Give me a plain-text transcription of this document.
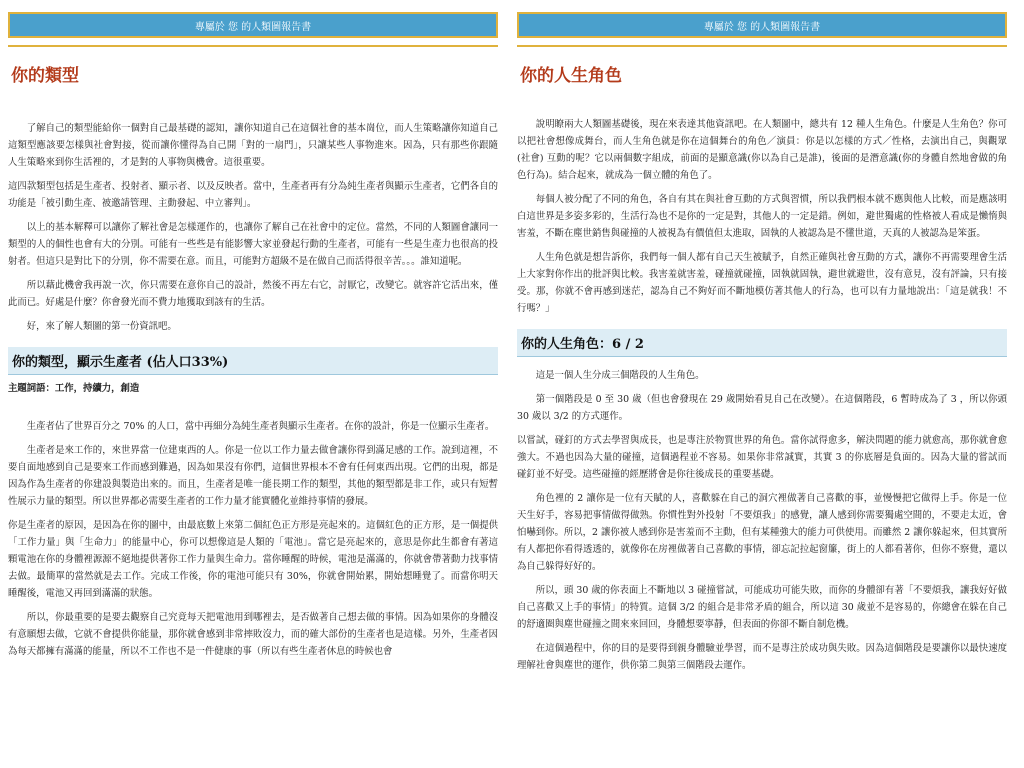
專屬於 您 的人類圖報告書
你的類型

了解自己的類型能給你一個對自己最基礎的認知，讓你知道自己在這個社會的基本崗位，而人生策略讓你知道自己這類型應該要怎樣與社會對接，從而讓你懂得為自己開「對的一扇門」，只讓某些人事物進來。因為，只有那些你跟隨人生策略來到你生活裡的，才是對的人事物與機會。這很重要。

這四款類型包括是生產者、投射者、顯示者、以及反映者。當中，生產者再有分為純生產者與顯示生產者，它們各自的功能是「被引動生產、被邀請管理、主動發起、中立審判」。

以上的基本解釋可以讓你了解社會是怎樣運作的，也讓你了解自己在社會中的定位。當然，不同的人類圖會讓同一類型的人的個性也會有大的分別。可能有一些些是有能影響大家並發起行動的生產者，可能有一些是生產力也很高的投射者。但這只是對比下的分別，你不需要在意。而且，可能對方超級不是在做自己而活得很辛苦。。。誰知道呢。

所以藉此機會我再說一次，你只需要在意你自己的設計，然後不再左右它，討厭它，改變它。就容許它活出來，僅此而已。好處是什麼？你會發光而不費力地獲取到該有的生活。

好，來了解人類圖的第一份資訊吧。

你的類型，顯示生產者 (佔人口33%)

主題詞語：工作，持續力，創造

生產者佔了世界百分之 70% 的人口，當中再細分為純生產者與顯示生產者。在你的設計，你是一位顯示生產者。

生產者是來工作的，來世界當一位建東西的人。你是一位以工作力量去做會讓你得到滿足感的工作。說到這裡，不要自面地感到自己是要來工作而感到難過，因為如果沒有你們，這個世界根本不會有任何東西出現。它們的出現，都是因為作為生產者的你建設與製造出來的。而且，生產者是唯一能長期工作的類型，其他的類型都是非工作，或只有短暫性展示力量的類型。所以世界都必需要生產者的工作力量才能實體化並維持事情的發展。

你是生產者的原因，是因為在你的圖中，由最底數上來第二個紅色正方形是亮起來的。這個紅色的正方形，是一個提供「工作力量」與「生命力」的能量中心，你可以想像這是人類的「電池」。當它是亮起來的，意思是你此生都會有著這顆電池在你的身體裡源源不絕地提供著你工作力量與生命力。當你睡醒的時候，電池是滿滿的，你就會帶著動力找事情去做。最簡單的當然就是去工作。完成工作後，你的電池可能只有 30%，你就會開始累，開始想睡覺了。而當你明天睡醒後，電池又再回到滿滿的狀態。

所以，你最重要的是要去觀察自己究竟每天把電池用到哪裡去，是否做著自己想去做的事情。因為如果你的身體沒有意願想去做，它就不會提供你能量，那你就會感到非常摔敗沒力，而的確大部份的生產者也是這樣。另外，生產者因為每天都擁有滿滿的能量，所以不工作也不是一件健康的事（所以有些生產者休息的時候也會

專屬於 您 的人類圖報告書
你的人生角色

說明瞭兩大人類圖基礎後，現在來表達其他資訊吧。在人類圖中，總共有 12 種人生角色。什麼是人生角色？你可以把社會想像成舞台，而人生角色就是你在這個舞台的角色／演員：你是以怎樣的方式／性格，去演出自己，與觀眾 (社會) 互動的呢？它以兩個數字組成，前面的是顯意識(你以為自己是誰)，後面的是潛意識(你的身體自然地會做的角色行為)。結合起來，就成為一個立體的角色了。

每個人被分配了不同的角色，各自有其在與社會互動的方式與習慣，所以我們根本就不應與他人比較，而是應該明白這世界是多姿多彩的，生活行為也不是你的一定是對，其他人的一定是錯。例如，避世獨處的性格被人看成是懶惰與害羞，不斷在塵世銷售與碰撞的人被視為有價值但太進取，固執的人被認為是不懂世道，天真的人被認為是笨蛋。

人生角色就是想告訴你，我們每一個人都有自己天生被賦予，自然正確與社會互動的方式，讓你不再需要理會生活上大家對你作出的批評與比較。我害羞就害羞，碰撞就碰撞，固執就固執，避世就避世，沒有意見，沒有評論，只有接受。那，你就不會再感到迷茫，認為自己不夠好而不斷地模仿著其他人的行為，也可以有力量地說出：「這是就我！不行嗎？」

你的人生角色：6 / 2

這是一個人生分成三個階段的人生角色。

第一個階段是 0 至 30 歲（但也會發現在 29 歲開始看見自己在改變）。在這個階段，6 暫時成為了 3 ，所以你頭 30 歲以 3/2 的方式運作。

以嘗試，碰釘的方式去學習與成長，也是專注於物質世界的角色。當你試得愈多，解決問題的能力就愈高，那你就會愈強大。不過也因為大量的碰撞，這個過程並不容易。如果你非常誠實，其實 3 的你底層是負面的。因為大量的嘗試而碰釘並不好受。這些碰撞的經歷將會是你往後成長的重要基礎。

角色裡的 2 讓你是一位有天賦的人，喜歡躲在自己的洞穴裡做著自己喜歡的事，並慢慢把它做得上手。你是一位天生好手，容易把事情做得做熟。你慣性對外投射「不要煩我」的感覺，讓人感到你需要獨處空間的，不要走太近，會怕嚇到你。所以，2 讓你被人感到你是害羞而不主動，但有某種強大的能力可供使用。而雖然 2 讓你躲起來，但其實所有人都把你看得透透的，就像你在房裡做著自己喜歡的事情，卻忘記拉起窗簾，街上的人都看著你，但你不察覺，還以為自己躲得好好的。

所以，頭 30 歲的你表面上不斷地以 3 碰撞嘗試，可能成功可能失敗，而你的身體卻有著「不要煩我，讓我好好做自己喜歡又上手的事情」的特質。這個 3/2 的組合是非常矛盾的組合，所以這 30 歲並不是容易的，你總會在躲在自己的舒適圈與塵世碰撞之間來來回回，身體想要寧靜，但表面的你卻不斷自制危機。

在這個過程中，你的目的是要得到親身體驗並學習，而不是專注於成功與失敗。因為這個階段是要讓你以最快速度理解社會與塵世的運作，供你第二與第三個階段去運作。
